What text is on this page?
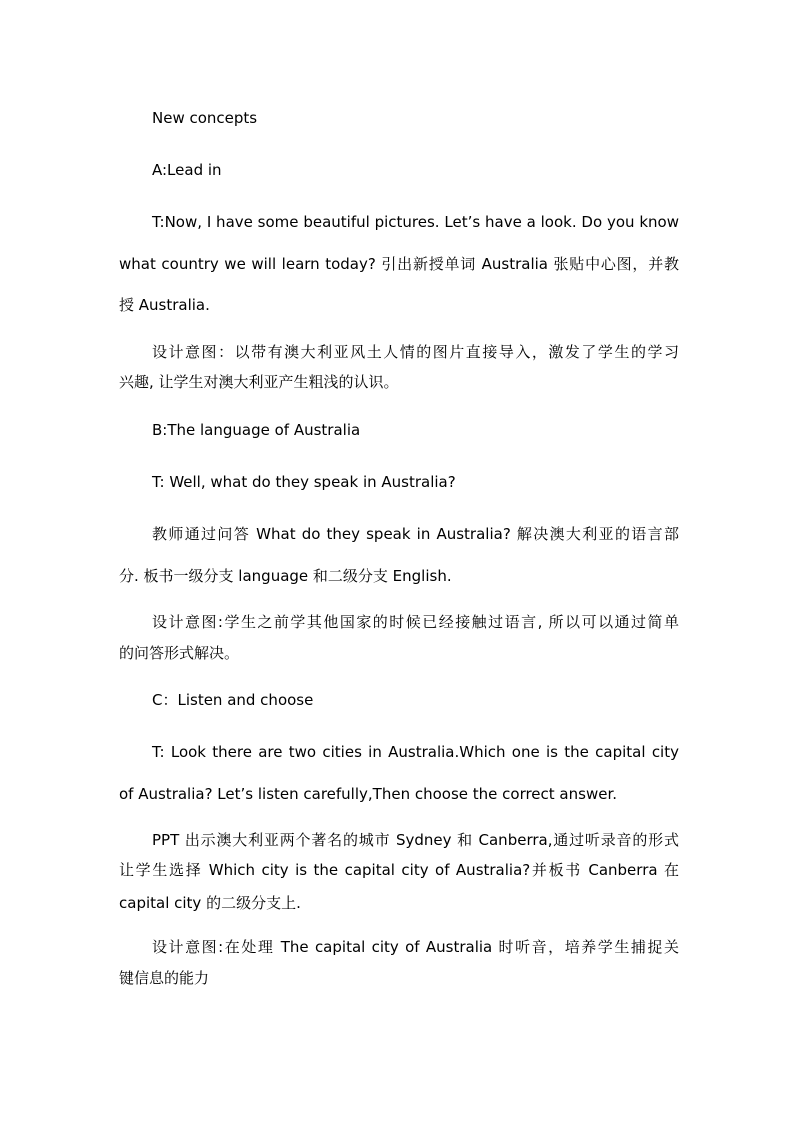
New concepts
A:Lead in
T:Now, I have some beautiful pictures. Let’s have a look. Do you know
what country we will learn today? 引出新授单词 Australia 张贴中心图，并教
授 Australia.
设计意图：以带有澳大利亚风土人情的图片直接导入，激发了学生的学习
兴趣, 让学生对澳大利亚产生粗浅的认识。
B:The language of Australia
T: Well, what do they speak in Australia?
教师通过问答 What do they speak in Australia? 解决澳大利亚的语言部
分. 板书一级分支 language 和二级分支 English.
设计意图:学生之前学其他国家的时候已经接触过语言, 所以可以通过简单
的问答形式解决。
C：Listen and choose
T: Look there are two cities in Australia.Which one is the capital city
of Australia? Let’s listen carefully,Then choose the correct answer.
PPT 出示澳大利亚两个著名的城市 Sydney 和 Canberra,通过听录音的形式
让学生选择 Which city is the capital city of Australia?并板书 Canberra 在
capital city 的二级分支上.
设计意图:在处理 The capital city of Australia 时听音，培养学生捕捉关
键信息的能力
